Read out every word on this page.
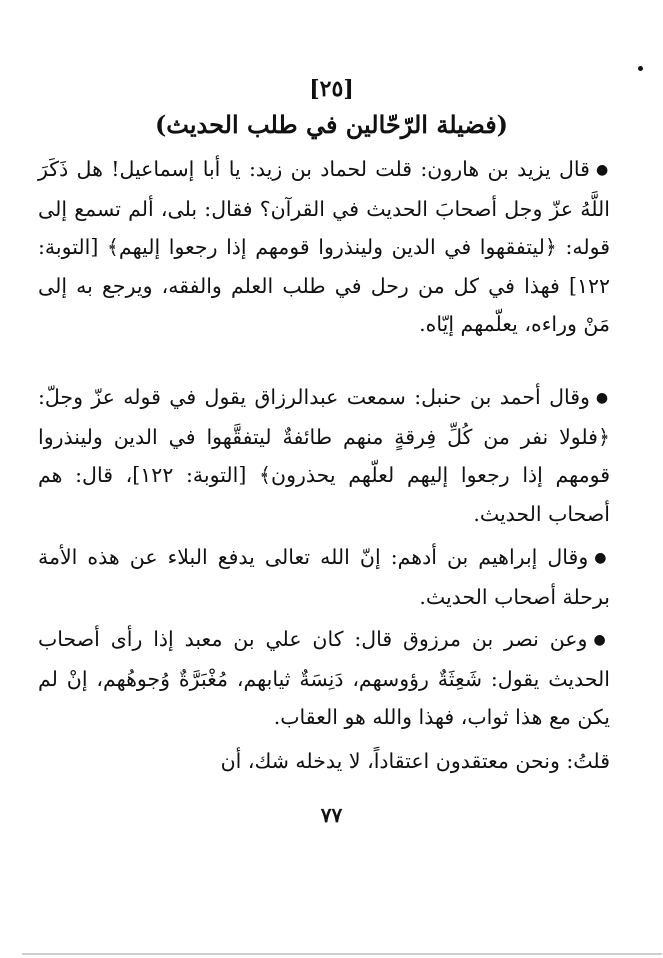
[٢٥]
(فضيلة الرّحّالين في طلب الحديث)

●قال يزيد بن هارون: قلت لحماد بن زيد: يا أبا إسماعيل! هل ذَكَرَ اللَّهُ عزّ وجل أصحابَ الحديث في القرآن؟ فقال: بلى، ألم تسمع إلى قوله: ﴿ليتفقهوا في الدين ولينذروا قومهم إذا رجعوا إليهم﴾ [التوبة: ١٢٢] فهذا في كل من رحل في طلب العلم والفقه، ويرجع به إلى مَنْ وراءه، يعلّمهم إيّاه.

●وقال أحمد بن حنبل: سمعت عبدالرزاق يقول في قوله عزّ وجلّ: ﴿فلولا نفر من كُلِّ فِرقةٍ منهم طائفةٌ ليتفقَّهوا في الدين ولينذروا قومهم إذا رجعوا إليهم لعلّهم يحذرون﴾ [التوبة: ١٢٢]، قال: هم أصحاب الحديث.

●وقال إبراهيم بن أدهم: إنّ الله تعالى يدفع البلاء عن هذه الأمة برحلة أصحاب الحديث.

●وعن نصر بن مرزوق قال: كان علي بن معبد إذا رأى أصحاب الحديث يقول: شَعِثَةٌ رؤوسهم، دَنِسَةٌ ثيابهم، مُغْبَرَّةٌ وُجوهُهم، إنْ لم يكن مع هذا ثواب، فهذا والله هو العقاب.

قلتُ: ونحن معتقدون اعتقاداً، لا يدخله شك، أن

٧٧
